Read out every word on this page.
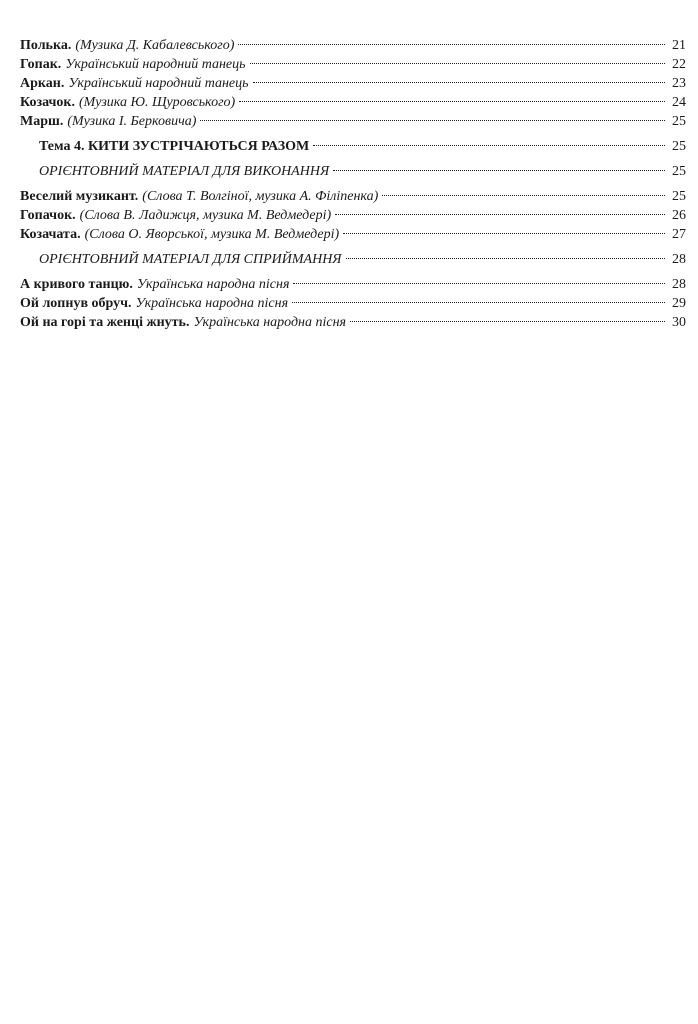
Полька. (Музика Д. Кабалевського)	21
Гопак. Український народний танець	22
Аркан. Український народний танець	23
Козачок. (Музика Ю. Щуровського)	24
Марш. (Музика І. Берковича)	25
Тема 4. КИТИ ЗУСТРІЧАЮТЬСЯ РАЗОМ	25
ОРІЄНТОВНИЙ МАТЕРІАЛ ДЛЯ ВИКОНАННЯ	25
Веселий музикант. (Слова Т. Волгіної, музика А. Філіпенка)	25
Гопачок. (Слова В. Ладижця, музика М. Ведмедері)	26
Козачата. (Слова О. Яворської, музика М. Ведмедері)	27
ОРІЄНТОВНИЙ МАТЕРІАЛ ДЛЯ СПРИЙМАННЯ	28
А кривого танцю. Українська народна пісня	28
Ой лопнув обруч. Українська народна пісня	29
Ой на горі та женці жнуть. Українська народна пісня	30
